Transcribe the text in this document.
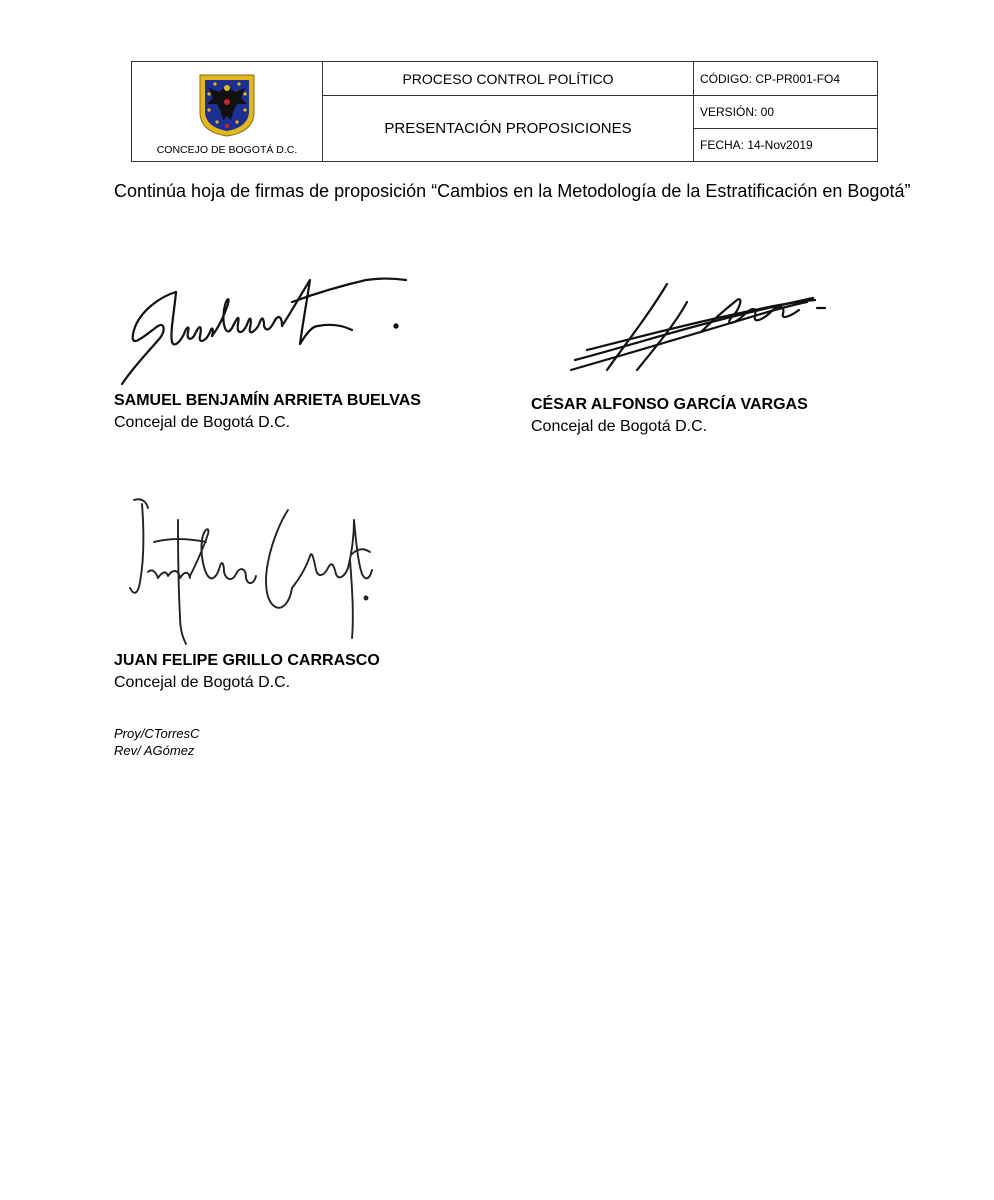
CONCEJO DE BOGOTÁ D.C.	PROCESO CONTROL POLÍTICO	CÓDIGO: CP-PR001-FO4
	PRESENTACIÓN PROPOSICIONES	VERSIÓN: 00
		FECHA: 14-Nov2019
Continúa hoja de firmas de proposición “Cambios en la Metodología de la Estratificación en Bogotá”
SAMUEL BENJAMÍN ARRIETA BUELVAS
Concejal de Bogotá D.C.
CÉSAR ALFONSO GARCÍA VARGAS
Concejal de Bogotá D.C.
JUAN FELIPE GRILLO CARRASCO
Concejal de Bogotá D.C.
Proy/CTorresC
Rev/ AGómez
